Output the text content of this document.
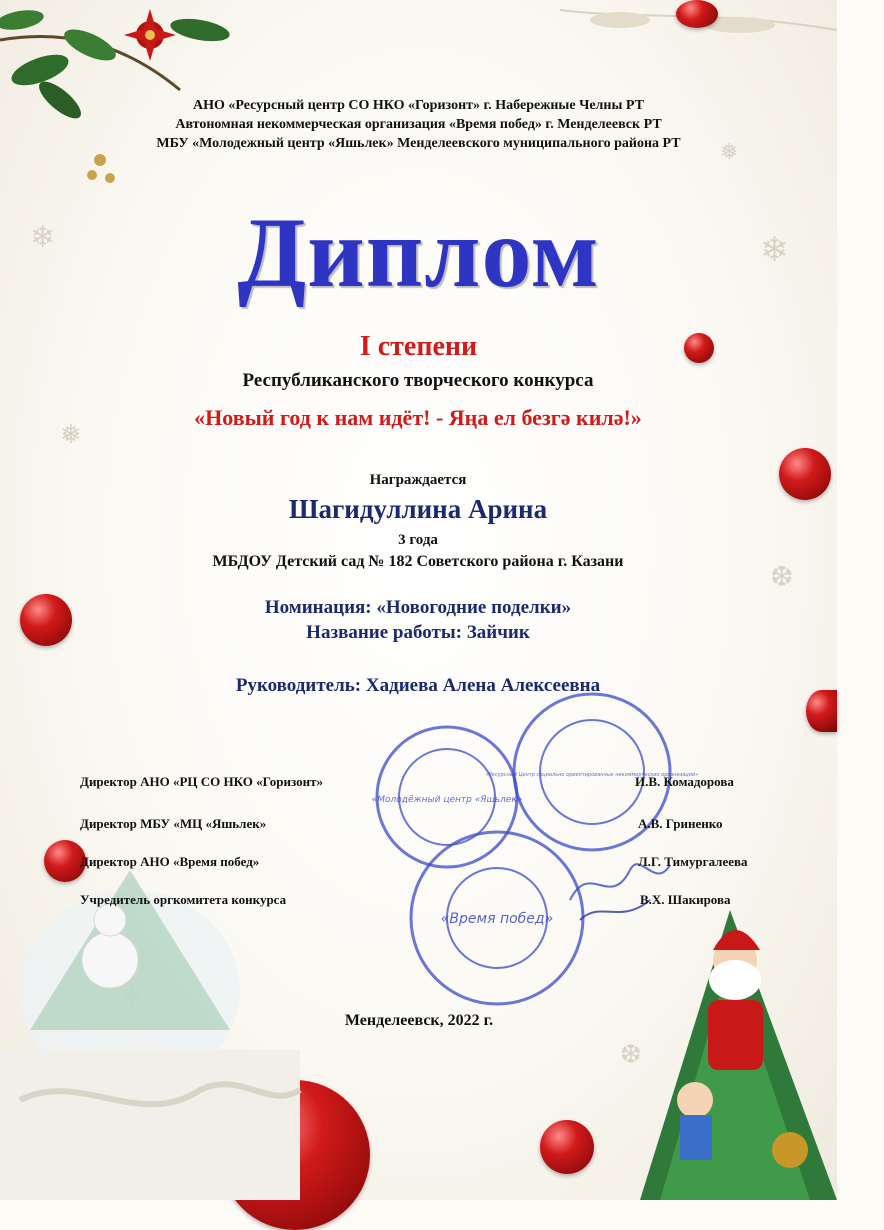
❄	❄
❅
❆
❅
❆
АНО «Ресурсный центр СО НКО «Горизонт» г. Набережные Челны РТ
Автономная некоммерческая организация «Время побед» г. Менделеевск РТ
МБУ «Молодежный центр «Яшьлек» Менделеевского муниципального района РТ
Диплом
I степени
Республиканского творческого конкурса
«Новый год к нам идёт! - Яңа ел безгә килә!»
Награждается
Шагидуллина Арина
3 года
МБДОУ Детский сад № 182 Советского района г. Казани
Номинация: «Новогодние поделки»
Название работы: Зайчик
Руководитель: Хадиева Алена Алексеевна
«Молодёжный центр «Яшьлек»
«Ресурсный Центр социально ориентированных некоммерческих организаций»
«Время побед»
Директор АНО «РЦ СО НКО «Горизонт»	И.В. Комадорова
Директор МБУ «МЦ «Яшьлек»	А.В. Гриненко
Директор АНО «Время побед»	Л.Г. Тимургалеева
Учредитель оргкомитета конкурса	В.Х. Шакирова
Менделеевск, 2022 г.
